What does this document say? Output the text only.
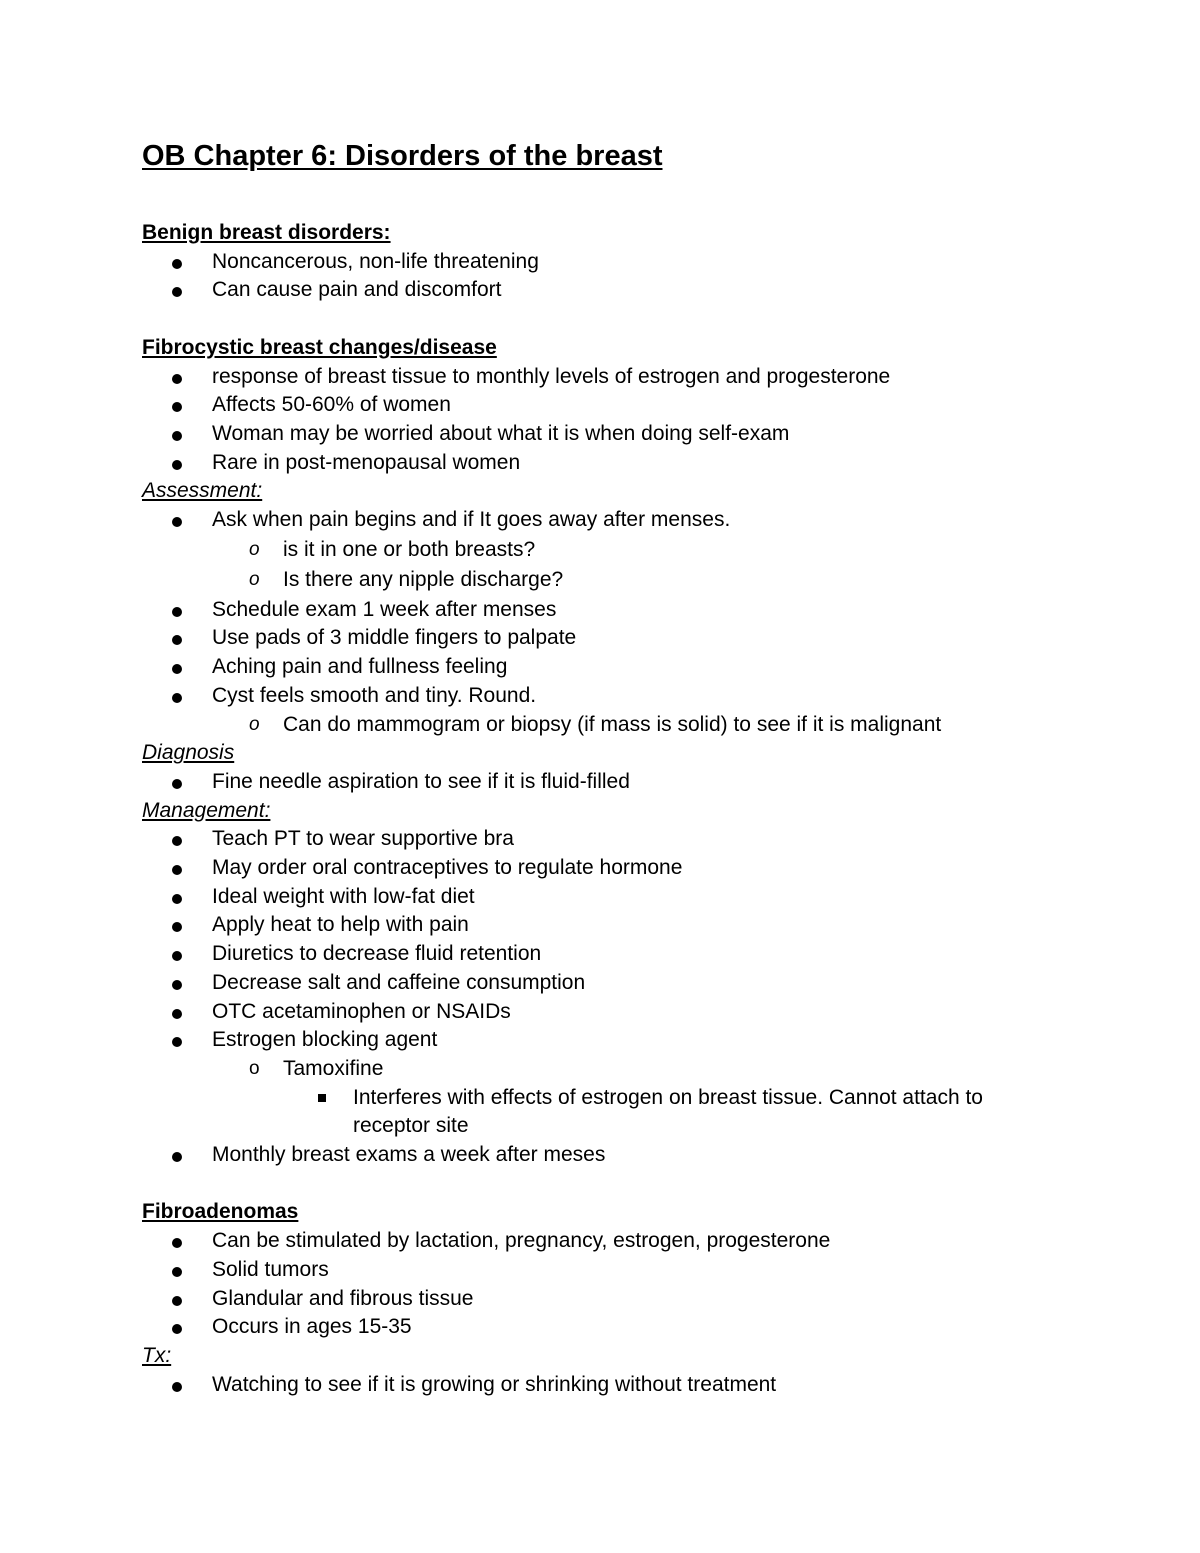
OB Chapter 6: Disorders of the breast
Benign breast disorders:
Noncancerous, non-life threatening
Can cause pain and discomfort
Fibrocystic breast changes/disease
response of breast tissue to monthly levels of estrogen and progesterone
Affects 50-60% of women
Woman may be worried about what it is when doing self-exam
Rare in post-menopausal women
Assessment:
Ask when pain begins and if It goes away after menses.
o is it in one or both breasts?
o Is there any nipple discharge?
Schedule exam 1 week after menses
Use pads of 3 middle fingers to palpate
Aching pain and fullness feeling
Cyst feels smooth and tiny. Round.
o Can do mammogram or biopsy (if mass is solid) to see if it is malignant
Diagnosis
Fine needle aspiration to see if it is fluid-filled
Management:
Teach PT to wear supportive bra
May order oral contraceptives to regulate hormone
Ideal weight with low-fat diet
Apply heat to help with pain
Diuretics to decrease fluid retention
Decrease salt and caffeine consumption
OTC acetaminophen or NSAIDs
Estrogen blocking agent
o Tamoxifine
Interferes with effects of estrogen on breast tissue. Cannot attach to receptor site
Monthly breast exams a week after meses
Fibroadenomas
Can be stimulated by lactation, pregnancy, estrogen, progesterone
Solid tumors
Glandular and fibrous tissue
Occurs in ages 15-35
Tx:
Watching to see if it is growing or shrinking without treatment
